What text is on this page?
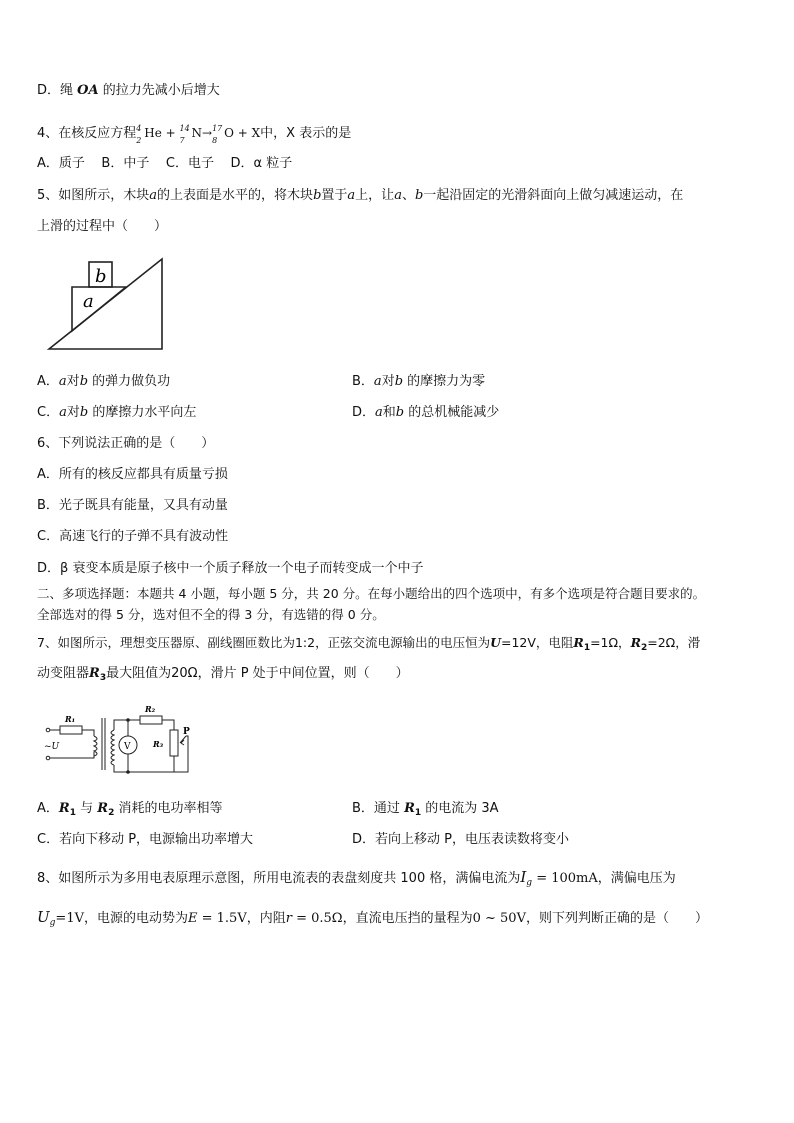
D．绳 OA 的拉力先减小后增大
4、在核反应方程 4
2
He + 14
7
N→ 17
8
O + X中，X 表示的是
A．质子    B．中子    C．电子    D．α 粒子
5、如图所示，木块a的上表面是水平的，将木块b置于a上，让a、b一起沿固定的光滑斜面向上做匀减速运动，在
上滑的过程中（　　）
a
b
A．a对b 的弹力做负功	B．a对b 的摩擦力为零
C．a对b 的摩擦力水平向左	D．a和b 的总机械能减少
6、下列说法正确的是（　　）
A．所有的核反应都具有质量亏损
B．光子既具有能量，又具有动量
C．高速飞行的子弹不具有波动性
D．β 衰变本质是原子核中一个质子释放一个电子而转变成一个中子
二、多项选择题：本题共 4 小题，每小题 5 分，共 20 分。在每小题给出的四个选项中，有多个选项是符合题目要求的。
全部选对的得 5 分，选对但不全的得 3 分，有选错的得 0 分。
7、如图所示，理想变压器原、副线圈匝数比为1:2，正弦交流电源输出的电压恒为U=12V，电阻$R_1=1\Omega$，$R_2=2\Omega$，滑
动变阻器$R_3$最大阻值为20Ω，滑片 P 处于中间位置，则（　　）
R₁
R₂
R₃
~U	V
P
A．$R_1$ 与 $R_2$ 消耗的电功率相等	B．通过 $R_1$ 的电流为 3A
C．若向下移动 P，电源输出功率增大	D．若向上移动 P，电压表读数将变小
8、如图所示为多用电表原理示意图，所用电流表的表盘刻度共 100 格，满偏电流为$I_g = 100mA$，满偏电压为
$U_g=1V$，电源的电动势为E = 1.5V，内阻r = 0.5Ω，直流电压挡的量程为0 ~ 50V，则下列判断正确的是（　　）
